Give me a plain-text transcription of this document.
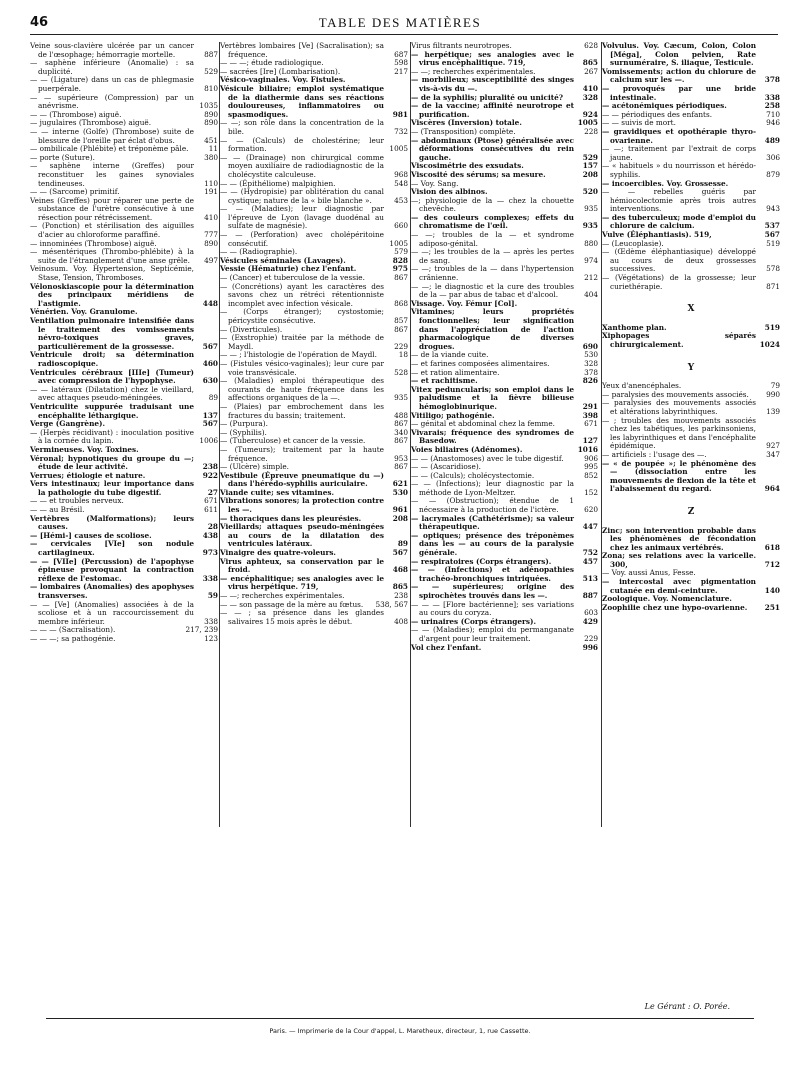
46	TABLE DES MATIÈRES
Veine sous-clavière ulcérée par un cancer de l'œsophage; hémorragie mortelle.	887
— saphène inférieure (Anomalie) : sa duplicité.	529
— — (Ligature) dans un cas de phlegmasie puerpérale.	810
— — supérieure (Compression) par un anévrisme.	1035
— — (Thrombose) aiguë.	890
— jugulaires (Thrombose) aiguë.	890
— — interne (Golfe) (Thrombose) suite de blessure de l'oreille par éclat d'obus.	451
— ombilicale (Phlébite) et tréponème pâle.	11
— porte (Suture).	380
— saphène interne (Greffes) pour reconstituer les gaines synoviales tendineuses.	110
— — (Sarcome) primitif.	191
Veines (Greffes) pour réparer une perte de substance de l'urètre consécutive à une résection pour rétrécissement.	410
— (Ponction) et stérilisation des aiguilles d'acier au chloroforme paraffiné.	777
— innominées (Thrombose) aiguë.	890
— mésentériques (Thrombo-phlébite) à la suite de l'étranglement d'une anse grêle. 497
Veinosum. Voy. Hypertension, Septicémie, Stase, Tension, Thromboses.
Vélonoskiascopie pour la détermination des principaux méridiens de l'astigmie.	448
Vénérien. Voy. Granulome.
Ventilation pulmonaire intensifiée dans le traitement des vomissements névro-toxiques graves, particulièrement de la grossesse.	567
Ventricule droit; sa détermination radioscopique.	460
Ventricules cérébraux [IIIe] (Tumeur) avec compression de l'hypophyse.	630
— — latéraux (Dilatation) chez le vieillard, avec attaques pseudo-méningées.	89
Ventriculite suppurée traduisant une encéphalite léthargique.	137
Verge (Gangrène).	567
— (Herpès récidivant) : inoculation positive à la cornée du lapin.	1006
Vermineuses. Voy. Toxines.
Véronal; hypnotiques du groupe du —; étude de leur activité.	238
Verrues; étiologie et nature.	922
Vers intestinaux; leur importance dans la pathologie du tube digestif.	27
— — et troubles nerveux.	671
— — au Brésil.	611
Vertèbres (Malformations); leurs causes.	28
— [Hémi-] causes de scoliose.	438
— cervicales [VIe] son nodule cartilagineux.	973
— — [VIIe] (Percussion) de l'apophyse épineuse provoquant la contraction réflexe de l'estomac.	338
— lombaires (Anomalies) des apophyses transverses.	59
— — [Ve] (Anomalies) associées à de la scoliose et à un raccourcissement du membre inférieur.	338
— — — (Sacralisation).	217, 239
— — —; sa pathogénie.	123
Vertèbres lombaires [Ve] (Sacralisation); sa fréquence.	687
— — —; étude radiologique.	598
— sacrées [Ire] (Lombarisation).	217
Vésico-vaginales. Voy. Fistules.
Vésicule biliaire; emploi systématique de la diathermie dans ses réactions douloureuses, inflammatoires ou spasmodiques.	981
— —; son rôle dans la concentration de la bile.	732
— — (Calculs) de cholestérine; leur formation.	1005
— — (Drainage) non chirurgical comme moyen auxiliaire de radiodiagnostic de la cholécystite calculeuse.	968
— — (Épithéliome) malpighien.	548
— — (Hydropisie) par oblitération du canal cystique; nature de la « bile blanche ».	453
— — (Maladies); leur diagnostic par l'épreuve de Lyon (lavage duodénal au sulfate de magnésie).	660
— — (Perforation) avec cholépéritoine consécutif.	1005
— — (Radiographie).	579
Vésicules séminales (Lavages).	828
Vessie (Hématurie) chez l'enfant.	975
— (Cancer) et tuberculose de la vessie.	867
— (Concrétions) ayant les caractères des savons chez un rétréci rétentionniste incomplet avec infection vésicale.	868
— (Corps étranger); cystostomie; péricystite consécutive.	857
— (Diverticules).	867
— (Exstrophie) traitée par la méthode de Maydl.	229
— — ; l'histologie de l'opération de Maydl.	18
— (Fistules vésico-vaginales); leur cure par voie transvésicale.	528
— (Maladies) emploi thérapeutique des courants de haute fréquence dans les affections organiques de la —.	935
— (Plaies) par embrochement dans les fractures du bassin; traitement.	488
— (Purpura).	867
— (Syphilis).	340
— (Tuberculose) et cancer de la vessie.	867
— (Tumeurs); traitement par la haute fréquence.	953
— (Ulcère) simple.	867
Vestibule (Épreuve pneumatique du —) dans l'hérédo-syphilis auriculaire.	621
Viande cuite; ses vitamines.	530
Vibrations sonores; la protection contre les —.	961
— thoraciques dans les pleurésies.	208
Vieillards; attaques pseudo-méningées au cours de la dilatation des ventricules latéraux.	89
Vinaigre des quatre-voleurs.	567
Virus aphteux, sa conservation par le froid.	468
— encéphalitique; ses analogies avec le virus herpétique. 719,	865
— —; recherches expérimentales.	238
— — son passage de la mère au fœtus. 538, 567
— — ; sa présence dans les glandes salivaires 15 mois après le début.	408
Virus filtrants neurotropes.	628
— herpétique; ses analogies avec le virus encéphalitique. 719,	865
— —; recherches expérimentales.	267
— morbilleux; susceptibilité des singes vis-à-vis du —.	410
— de la syphilis; pluralité ou unicité?	328
— de la vaccine; affinité neurotrope et purification.	924
Viscères (Inversion) totale.	1005
— (Transposition) complète.	228
— abdominaux (Ptose) généralisée avec déformations consécutives du rein gauche.	529
Viscosimétrie des exsudats.	157
Viscosité des sérums; sa mesure.	208
— Voy. Sang.
Vision des albinos.	520
—; physiologie de la — chez la chouette chevêche.	935
— des couleurs complexes; effets du chromatisme de l'œil.	935
— —; troubles de la — et syndrome adiposo-génital.	880
— —; les troubles de la — après les pertes de sang.	974
— —; troubles de la — dans l'hypertension crânienne.	212
— —; le diagnostic et la cure des troubles de la — par abus de tabac et d'alcool.	404
Vissage. Voy. Fémur [Col].
Vitamines; leurs propriétés fonctionnelles; leur signification dans l'appréciation de l'action pharmacologique de diverses drogues.	690
— de la viande cuite.	530
— et farines composées alimentaires.	328
— et ration alimentaire.	378
— et rachitisme.	826
Vitex peduncularis; son emploi dans le paludisme et la fièvre bilieuse hémoglobinurique.	291
Vitiligo; pathogénie.	398
— génital et abdominal chez la femme.	671
Vivarais; fréquence des syndromes de Basedow.	127
Voies biliaires (Adénomes).	1016
— — (Anastomoses) avec le tube digestif.	906
— — (Ascaridiose).	995
— — (Calculs); cholécystectomie.	852
— — (Infections); leur diagnostic par la méthode de Lyon-Meltzer.	152
— — (Obstruction); étendue de 1 nécessaire à la production de l'ictère.	620
— lacrymales (Cathétérisme); sa valeur thérapeutique.	447
— optiques; présence des tréponèmes dans les — au cours de la paralysie générale.	752
— respiratoires (Corps étrangers).	457
— — (Infections) et adénopathies trachéo-bronchiques intriquées.	513
— — supérieures; origine des spirochètes trouvés dans les —.	887
— — — [Flore bactérienne]; ses variations au cours du coryza.	603
— urinaires (Corps étrangers).	429
— — (Maladies); emploi du permanganate d'argent pour leur traitement.	229
Vol chez l'enfant.	996
Volvulus. Voy. Cæcum, Colon, Colon [Méga], Colon pelvien, Rate surnuméraire, S. iliaque, Testicule.
Vomissements; action du chlorure de calcium sur les —.	378
— provoqués par une bride intestinale.	338
— acétonémiques périodiques.	258
— — périodiques des enfants.	710
— — suivis de mort.	946
— gravidiques et opothérapie thyro-ovarienne.	489
— —; traitement par l'extrait de corps jaune.	306
— « habituels » du nourrisson et hérédo-syphilis.	879
— incoercibles. Voy. Grossesse.
— — rebelles guéris par hémiocolectomie après trois autres interventions.	943
— des tuberculeux; mode d'emploi du chlorure de calcium.	537
Vulve (Éléphantiasis). 519,	567
— (Leucoplasie).	519
— (Œdème éléphantiasique) développé au cours de deux grossesses successives.	578
— (Végétations) de la grossesse; leur curiethérapie.	871
X
Xanthome plan.	519
Xiphopages séparés chirurgicalement.	1024
Y
Yeux d'anencéphales.	79
— paralysies des mouvements associés. 990
— paralysies des mouvements associés et altérations labyrinthiques.	139
— ; troubles des mouvements associés chez les tabétiques, les parkinsoniens, les labyrinthiques et dans l'encéphalite épidémique.	927
— artificiels : l'usage des —.	347
— « de poupée »; le phénomène des — (dissociation entre les mouvements de flexion de la tête et l'abaissement du regard.	964
Z
Zinc; son intervention probable dans les phénomènes de fécondation chez les animaux vertébrés.	618
Zona; ses relations avec la varicelle. 300,	712
— Voy. aussi Anus, Fesse.
— intercostal avec pigmentation cutanée en demi-ceinture.	140
Zoologique. Voy. Nomenclature.
Zoophilie chez une hypo-ovarienne. 251
Le Gérant : O. Porée.
Paris. — Imprimerie de la Cour d'appel, L. Maretheux, directeur, 1, rue Cassette.
